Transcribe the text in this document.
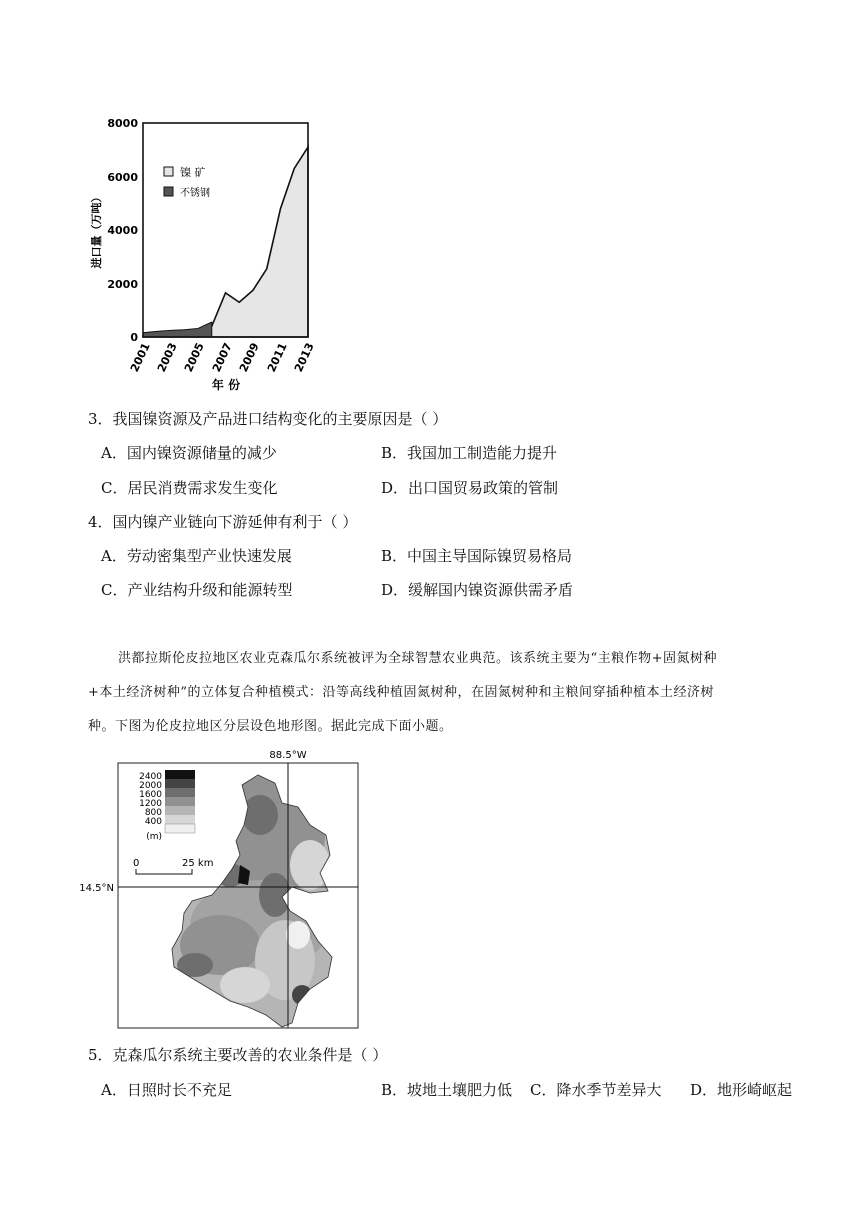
8000
6000
4000
2000
0
2001 2003 2005 2007 2009 2011 2013
年 份
进口量（万吨）
镍 矿
不锈钢
3．我国镍资源及产品进口结构变化的主要原因是（ ）
A．国内镍资源储量的减少	B．我国加工制造能力提升
C．居民消费需求发生变化	D．出口国贸易政策的管制
4．国内镍产业链向下游延伸有利于（ ）
A．劳动密集型产业快速发展	B．中国主导国际镍贸易格局
C．产业结构升级和能源转型	D．缓解国内镍资源供需矛盾
洪都拉斯伦皮拉地区农业克森瓜尔系统被评为全球智慧农业典范。该系统主要为“主粮作物+固氮树种
+本土经济树种”的立体复合种植模式：沿等高线种植固氮树种，在固氮树种和主粮间穿插种植本土经济树
种。下图为伦皮拉地区分层设色地形图。据此完成下面小题。
88.5°W
14.5°N
2400
2000
1600
1200
800
400
(m)
0	25 km
5．克森瓜尔系统主要改善的农业条件是（ ）
A．日照时长不充足	B．坡地土壤肥力低 C．降水季节差异大 D．地形崎岖起
